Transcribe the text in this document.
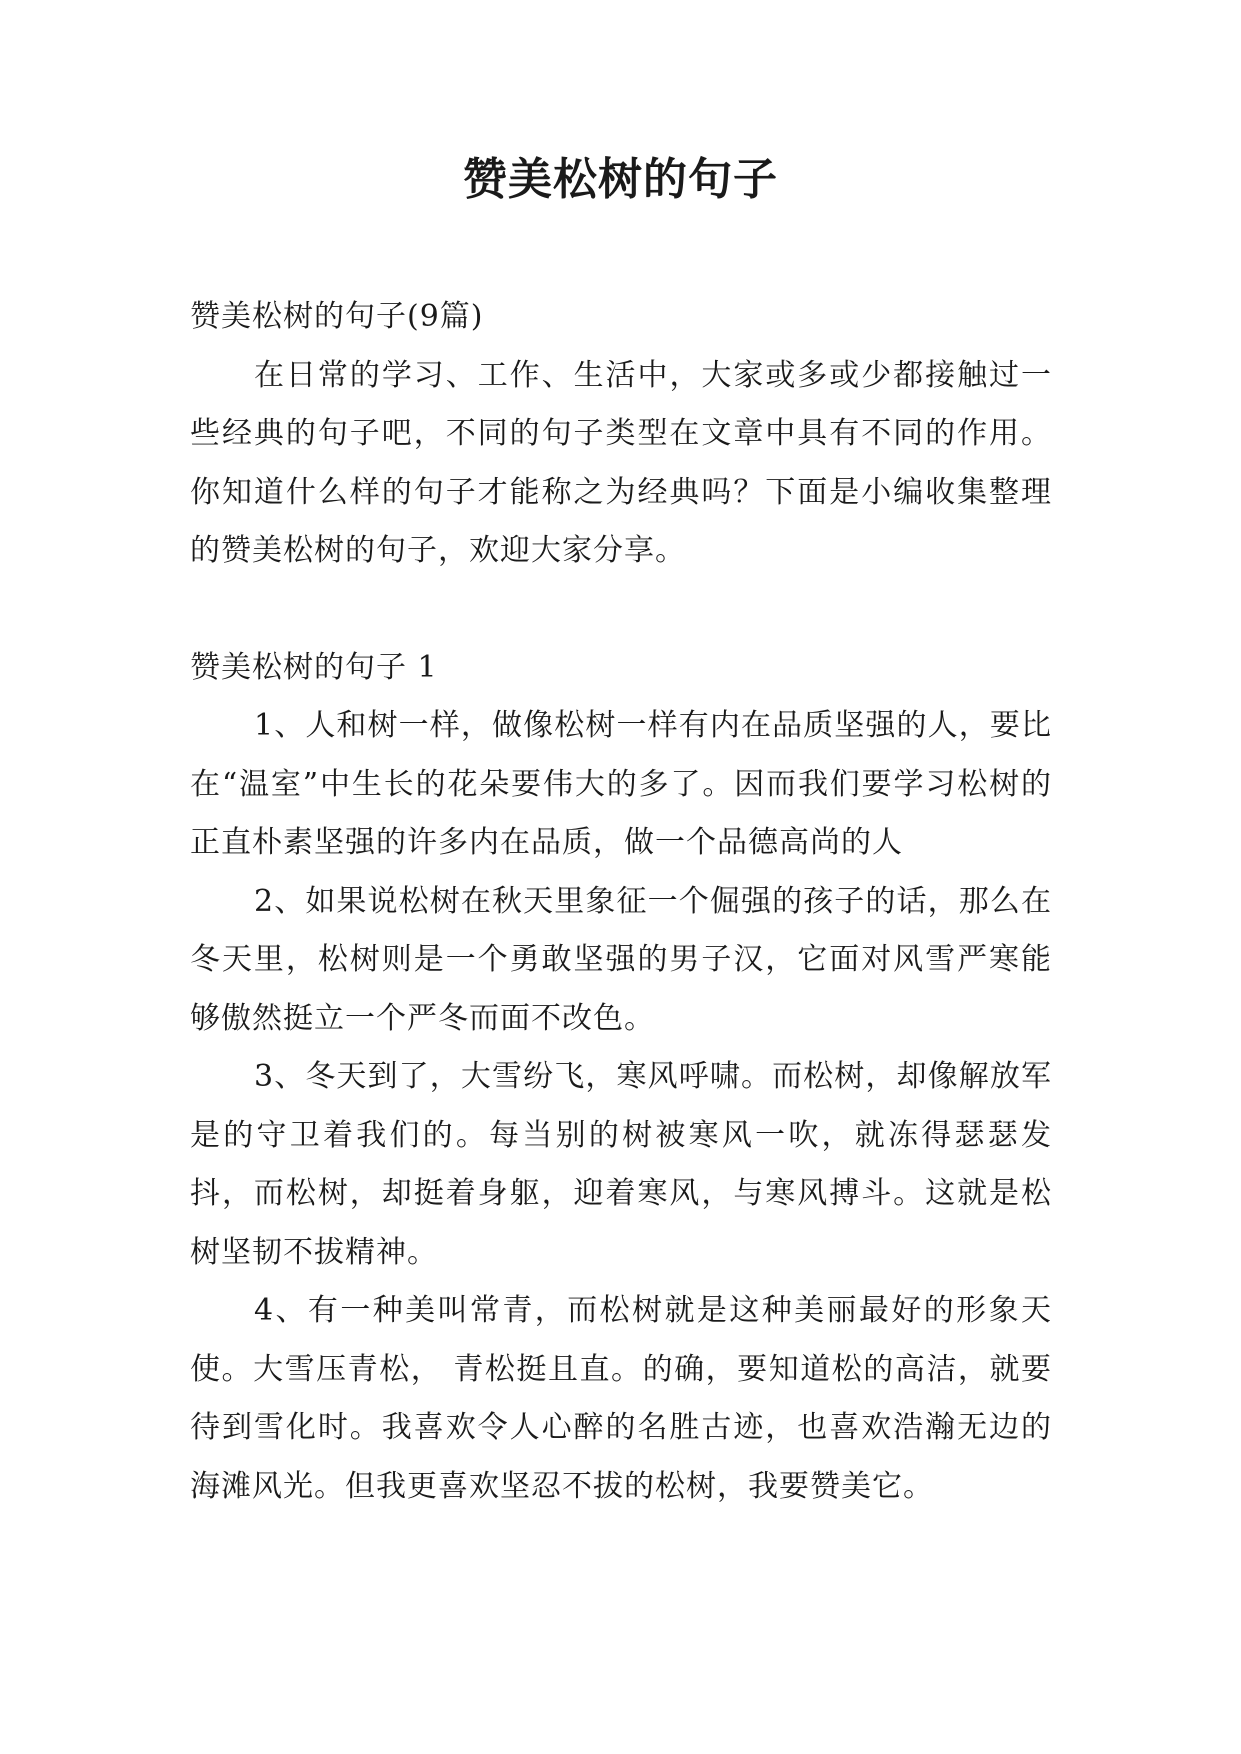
赞美松树的句子

赞美松树的句子(9篇)

在日常的学习、工作、生活中，大家或多或少都接触过一些经典的句子吧，不同的句子类型在文章中具有不同的作用。你知道什么样的句子才能称之为经典吗？下面是小编收集整理的赞美松树的句子，欢迎大家分享。

赞美松树的句子 1

1、人和树一样，做像松树一样有内在品质坚强的人，要比在“温室”中生长的花朵要伟大的多了。因而我们要学习松树的正直朴素坚强的许多内在品质，做一个品德高尚的人

2、如果说松树在秋天里象征一个倔强的孩子的话，那么在冬天里，松树则是一个勇敢坚强的男子汉，它面对风雪严寒能够傲然挺立一个严冬而面不改色。

3、冬天到了，大雪纷飞，寒风呼啸。而松树，却像解放军是的守卫着我们的。每当别的树被寒风一吹，就冻得瑟瑟发抖，而松树，却挺着身躯，迎着寒风，与寒风搏斗。这就是松树坚韧不拔精神。

4、有一种美叫常青，而松树就是这种美丽最好的形象天使。大雪压青松， 青松挺且直。的确，要知道松的高洁，就要待到雪化时。我喜欢令人心醉的名胜古迹，也喜欢浩瀚无边的海滩风光。但我更喜欢坚忍不拔的松树，我要赞美它。
